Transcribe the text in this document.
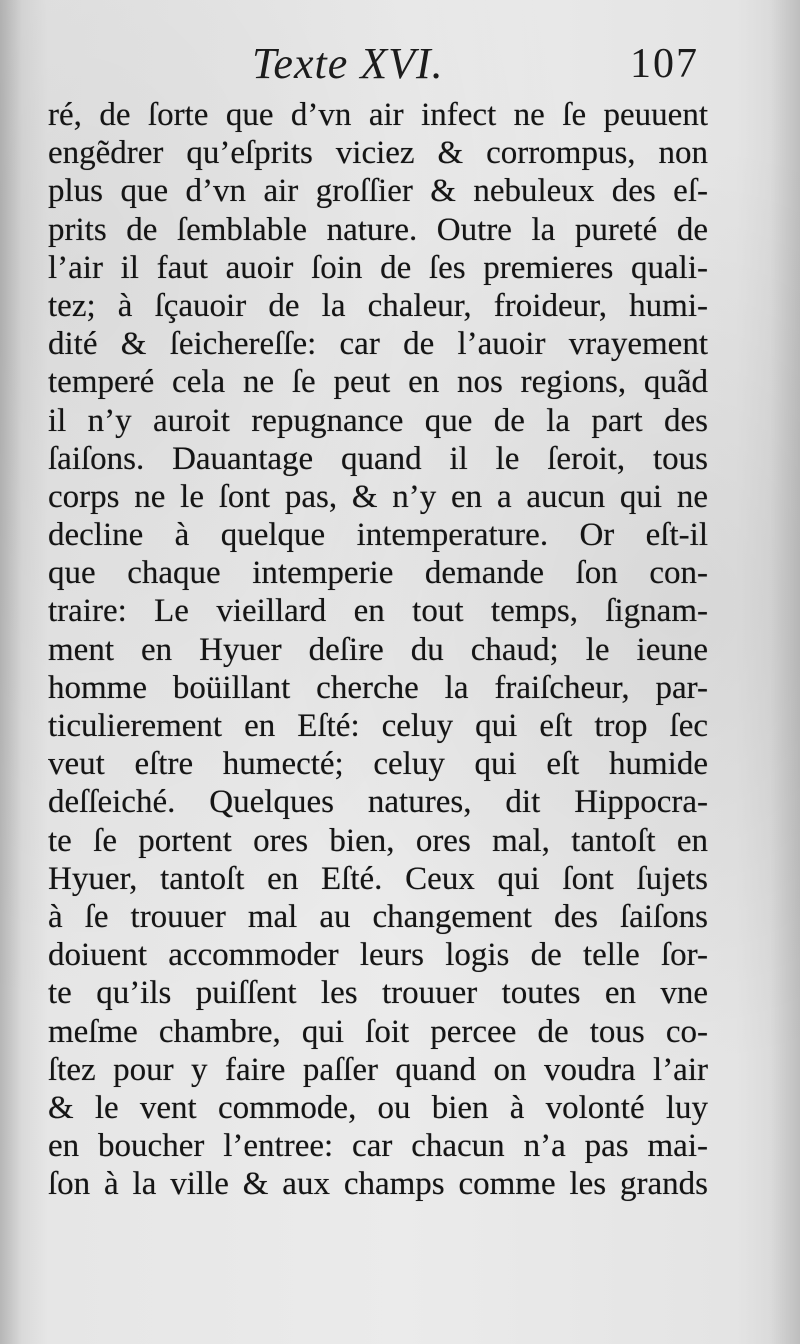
Texte XVI.	107
ré, de ſorte que d’vn air infect ne ſe peuuent
engẽdrer qu’eſprits viciez & corrompus, non
plus que d’vn air groſſier & nebuleux des eſ-
prits de ſemblable nature. Outre la pureté de
l’air il faut auoir ſoin de ſes premieres quali-
tez; à ſçauoir de la chaleur, froideur, humi-
dité & ſeichereſſe: car de l’auoir vrayement
temperé cela ne ſe peut en nos regions, quãd
il n’y auroit repugnance que de la part des
ſaiſons. Dauantage quand il le ſeroit, tous
corps ne le ſont pas, & n’y en a aucun qui ne
decline à quelque intemperature. Or eſt-il
que chaque intemperie demande ſon con-
traire: Le vieillard en tout temps, ſignam-
ment en Hyuer deſire du chaud; le ieune
homme boüillant cherche la fraiſcheur, par-
ticulierement en Eſté: celuy qui eſt trop ſec
veut eſtre humecté; celuy qui eſt humide
deſſeiché. Quelques natures, dit Hippocra-
te ſe portent ores bien, ores mal, tantoſt en
Hyuer, tantoſt en Eſté. Ceux qui ſont ſujets
à ſe trouuer mal au changement des ſaiſons
doiuent accommoder leurs logis de telle ſor-
te qu’ils puiſſent les trouuer toutes en vne
meſme chambre, qui ſoit percee de tous co-
ſtez pour y faire paſſer quand on voudra l’air
& le vent commode, ou bien à volonté luy
en boucher l’entree: car chacun n’a pas mai-
ſon à la ville & aux champs comme les grands
